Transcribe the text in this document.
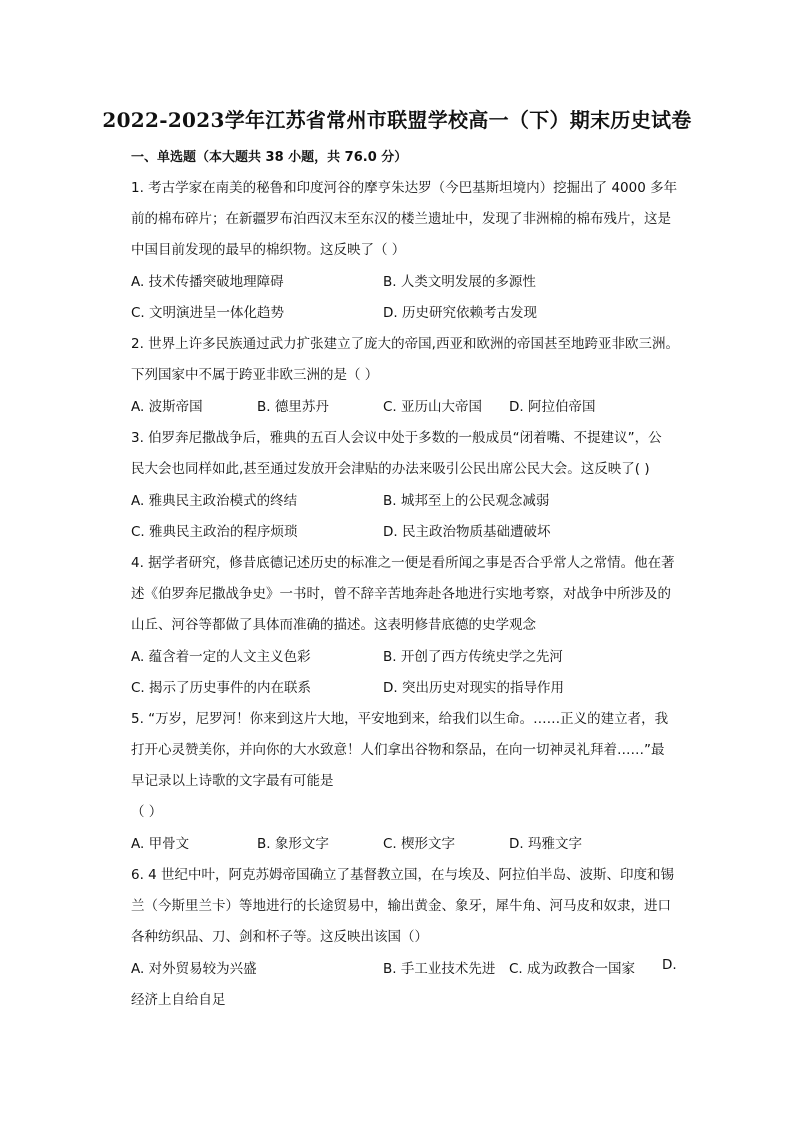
2022-2023学年江苏省常州市联盟学校高一（下）期末历史试卷
一、单选题（本大题共 38 小题，共 76.0 分）
1. 考古学家在南美的秘鲁和印度河谷的摩亨朱达罗（今巴基斯坦境内）挖掘出了 4000 多年
前的棉布碎片；在新疆罗布泊西汉末至东汉的楼兰遗址中，发现了非洲棉的棉布残片，这是
中国目前发现的最早的棉织物。这反映了（ ）
A. 技术传播突破地理障碍	B. 人类文明发展的多源性
C. 文明演进呈一体化趋势	D. 历史研究依赖考古发现
2. 世界上许多民族通过武力扩张建立了庞大的帝国,西亚和欧洲的帝国甚至地跨亚非欧三洲。
下列国家中不属于跨亚非欧三洲的是（ ）
A. 波斯帝国	B. 德里苏丹	C. 亚历山大帝国 D. 阿拉伯帝国
3. 伯罗奔尼撒战争后，雅典的五百人会议中处于多数的一般成员“闭着嘴、不提建议”，公
民大会也同样如此,甚至通过发放开会津贴的办法来吸引公民出席公民大会。这反映了( )
A. 雅典民主政治模式的终结	B. 城邦至上的公民观念减弱
C. 雅典民主政治的程序烦琐	D. 民主政治物质基础遭破坏
4. 据学者研究，修昔底德记述历史的标准之一便是看所闻之事是否合乎常人之常情。他在著
述《伯罗奔尼撒战争史》一书时，曾不辞辛苦地奔赴各地进行实地考察，对战争中所涉及的
山丘、河谷等都做了具体而准确的描述。这表明修昔底德的史学观念
A. 蕴含着一定的人文主义色彩	B. 开创了西方传统史学之先河
C. 揭示了历史事件的内在联系	D. 突出历史对现实的指导作用
5. “万岁，尼罗河！你来到这片大地，平安地到来，给我们以生命。……正义的建立者，我
打开心灵赞美你，并向你的大水致意！人们拿出谷物和祭品，在向一切神灵礼拜着……”最
早记录以上诗歌的文字最有可能是
（ ）
A. 甲骨文	B. 象形文字	C. 楔形文字	D. 玛雅文字
6. 4 世纪中叶，阿克苏姆帝国确立了基督教立国，在与埃及、阿拉伯半岛、波斯、印度和锡
兰（今斯里兰卡）等地进行的长途贸易中，输出黄金、象牙，犀牛角、河马皮和奴隶，进口
各种纺织品、刀、剑和杯子等。这反映出该国（）
A. 对外贸易较为兴盛	B. 手工业技术先进 C. 成为政教合一国家 D.
经济上自给自足
